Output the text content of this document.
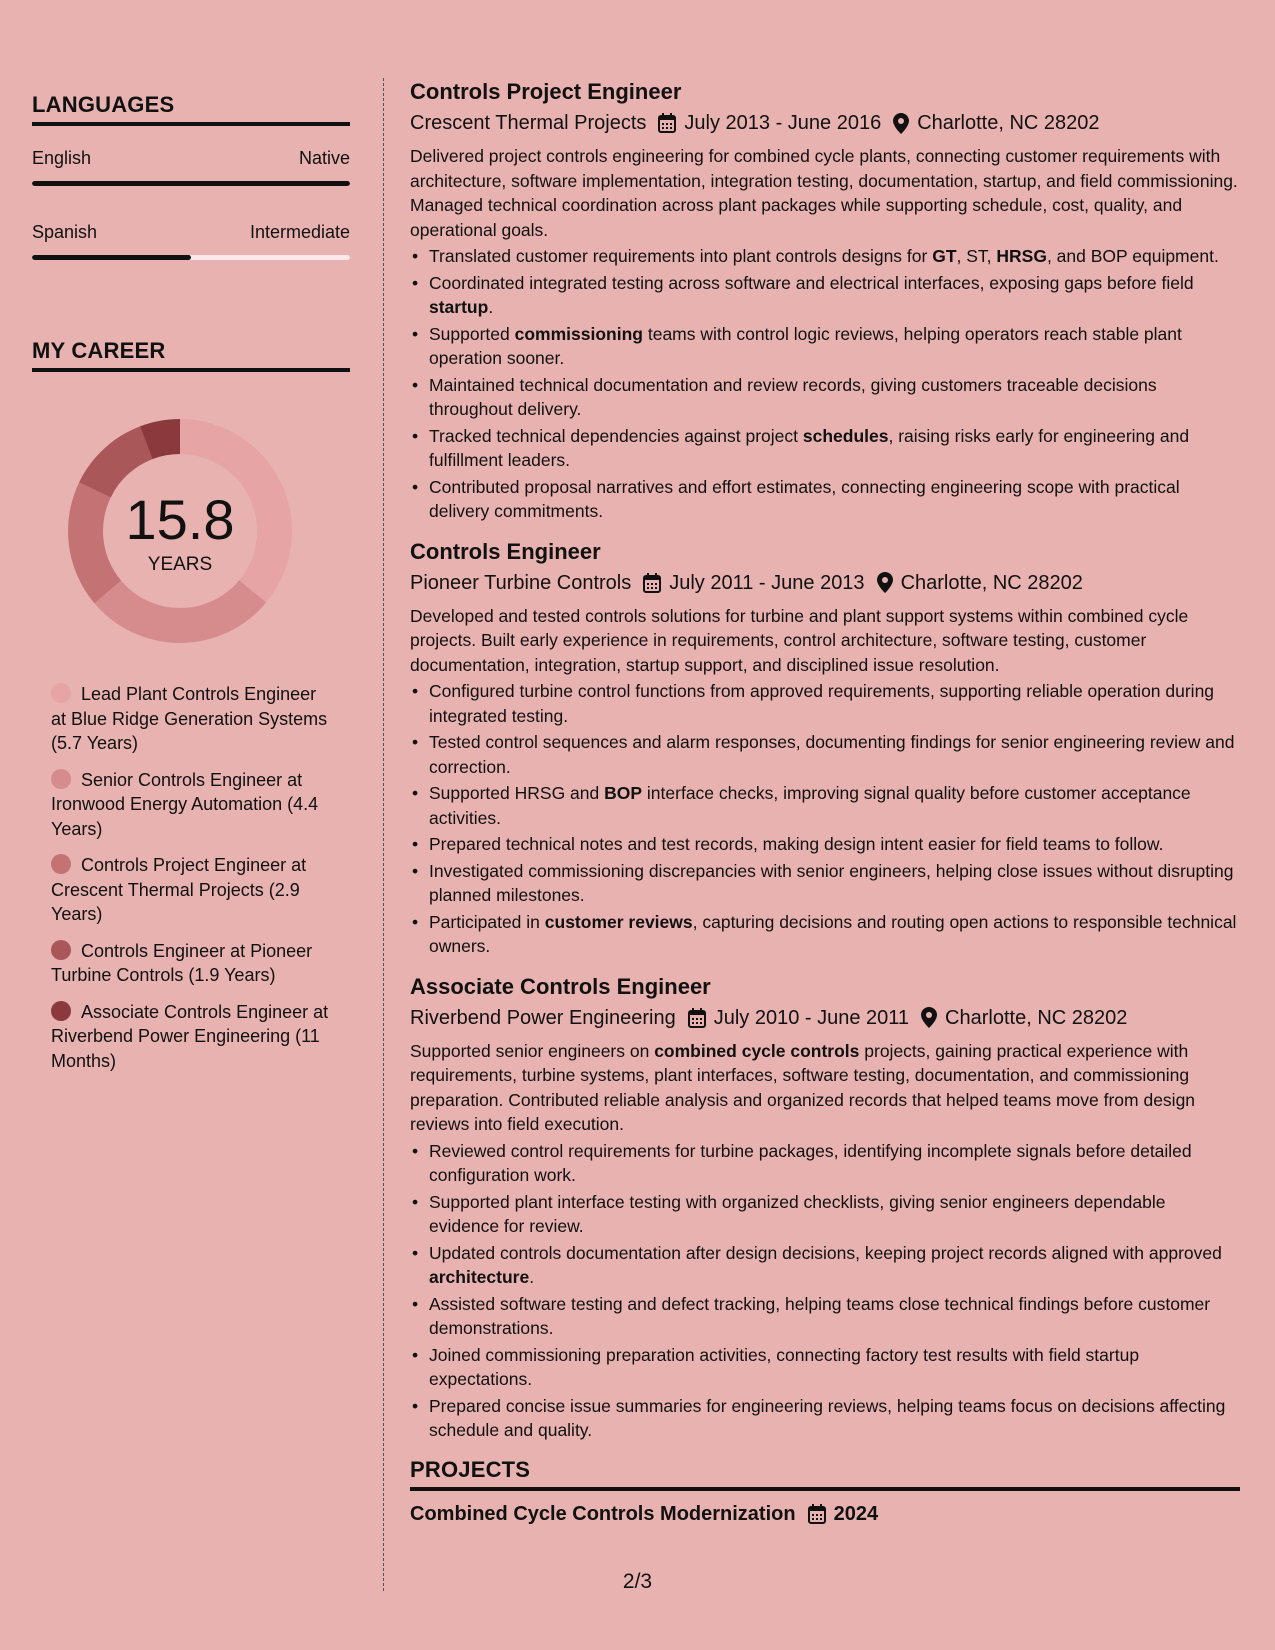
LANGUAGES
English	Native
Spanish	Intermediate
MY CAREER
15.8
YEARS
Lead Plant Controls Engineer at Blue Ridge Generation Systems (5.7 Years)
Senior Controls Engineer at Ironwood Energy Automation (4.4 Years)
Controls Project Engineer at Crescent Thermal Projects (2.9 Years)
Controls Engineer at Pioneer Turbine Controls (1.9 Years)
Associate Controls Engineer at Riverbend Power Engineering (11 Months)
Controls Project Engineer
Crescent Thermal Projects July 2013 - June 2016 Charlotte, NC 28202
Delivered project controls engineering for combined cycle plants, connecting customer requirements with architecture, software implementation, integration testing, documentation, startup, and field commissioning. Managed technical coordination across plant packages while supporting schedule, cost, quality, and operational goals.
• Translated customer requirements into plant controls designs for GT, ST, HRSG, and BOP equipment.
• Coordinated integrated testing across software and electrical interfaces, exposing gaps before field startup.
• Supported commissioning teams with control logic reviews, helping operators reach stable plant operation sooner.
• Maintained technical documentation and review records, giving customers traceable decisions throughout delivery.
• Tracked technical dependencies against project schedules, raising risks early for engineering and fulfillment leaders.
• Contributed proposal narratives and effort estimates, connecting engineering scope with practical delivery commitments.
Controls Engineer
Pioneer Turbine Controls July 2011 - June 2013 Charlotte, NC 28202
Developed and tested controls solutions for turbine and plant support systems within combined cycle projects. Built early experience in requirements, control architecture, software testing, customer documentation, integration, startup support, and disciplined issue resolution.
• Configured turbine control functions from approved requirements, supporting reliable operation during integrated testing.
• Tested control sequences and alarm responses, documenting findings for senior engineering review and correction.
• Supported HRSG and BOP interface checks, improving signal quality before customer acceptance activities.
• Prepared technical notes and test records, making design intent easier for field teams to follow.
• Investigated commissioning discrepancies with senior engineers, helping close issues without disrupting planned milestones.
• Participated in customer reviews, capturing decisions and routing open actions to responsible technical owners.
Associate Controls Engineer
Riverbend Power Engineering July 2010 - June 2011 Charlotte, NC 28202
Supported senior engineers on combined cycle controls projects, gaining practical experience with requirements, turbine systems, plant interfaces, software testing, documentation, and commissioning preparation. Contributed reliable analysis and organized records that helped teams move from design reviews into field execution.
• Reviewed control requirements for turbine packages, identifying incomplete signals before detailed configuration work.
• Supported plant interface testing with organized checklists, giving senior engineers dependable evidence for review.
• Updated controls documentation after design decisions, keeping project records aligned with approved architecture.
• Assisted software testing and defect tracking, helping teams close technical findings before customer demonstrations.
• Joined commissioning preparation activities, connecting factory test results with field startup expectations.
• Prepared concise issue summaries for engineering reviews, helping teams focus on decisions affecting schedule and quality.
PROJECTS
Combined Cycle Controls Modernization 2024
2/3
